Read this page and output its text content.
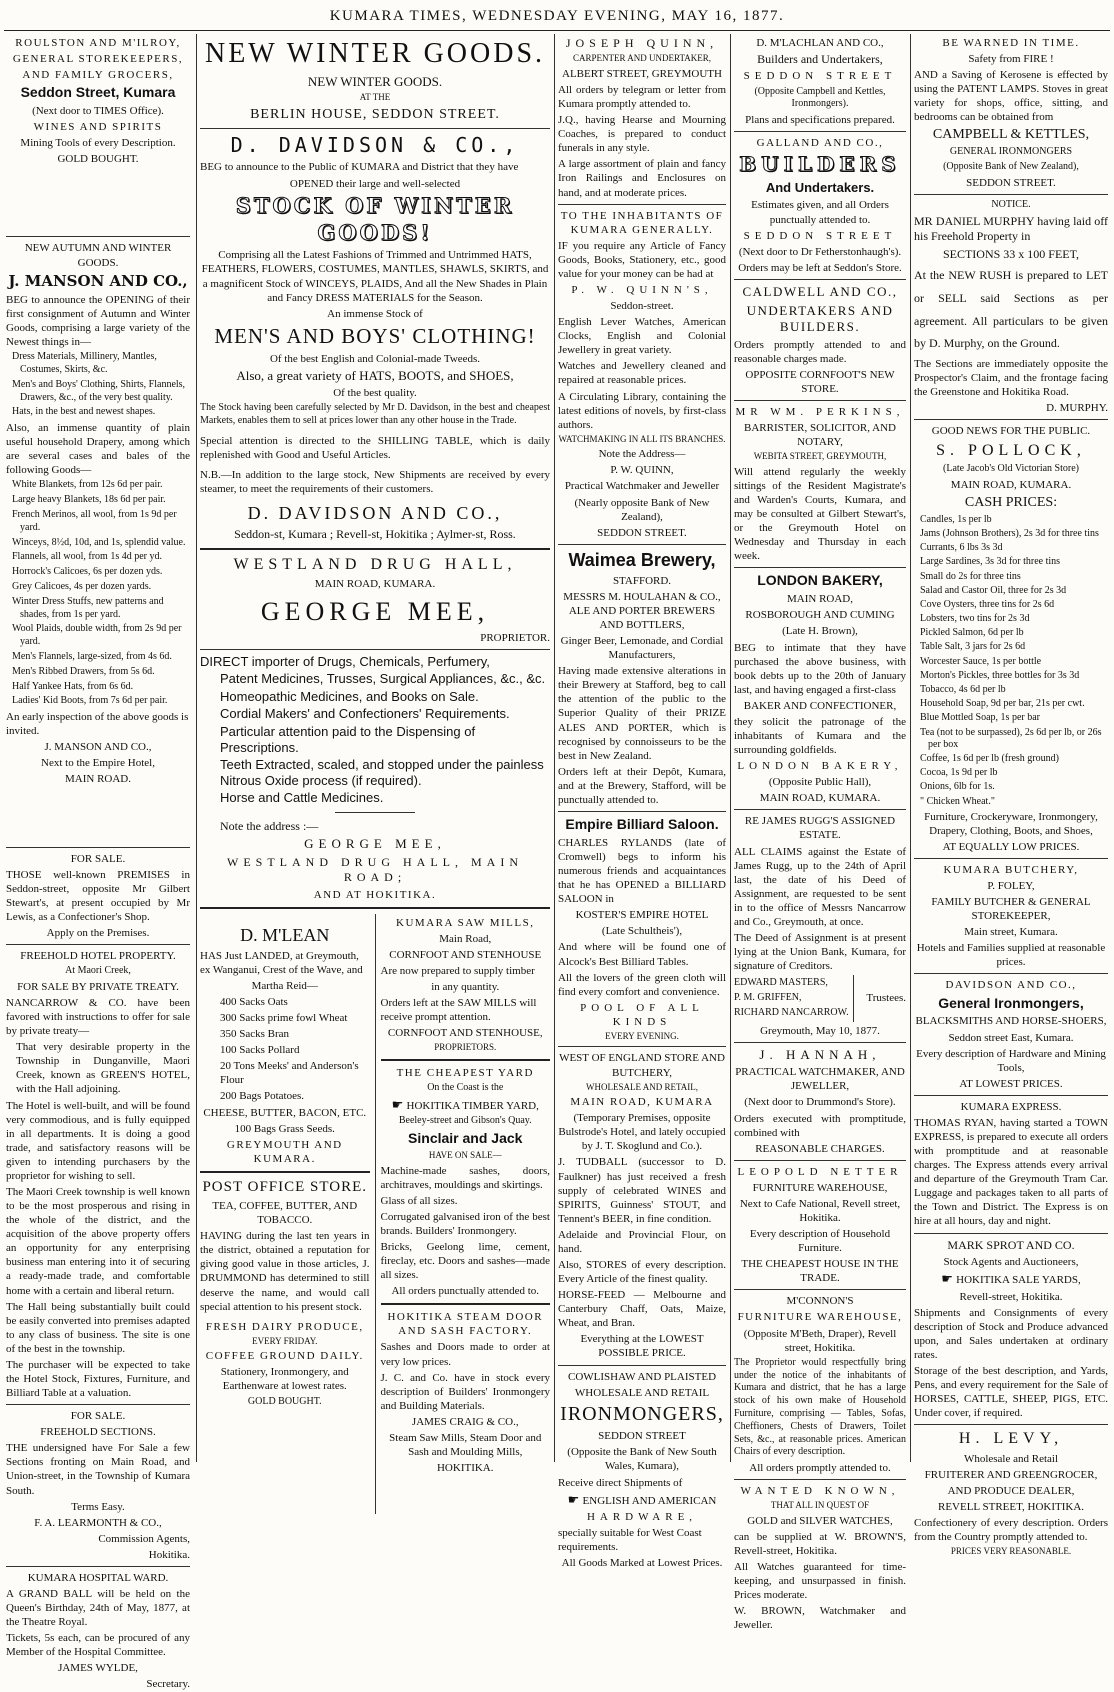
KUMARA TIMES, WEDNESDAY EVENING, MAY 16, 1877.

ROULSTON AND M'ILROY,

GENERAL STOREKEEPERS,

AND FAMILY GROCERS,

Seddon Street, Kumara

(Next door to TIMES Office).

WINES AND SPIRITS

Mining Tools of every Description.

GOLD BOUGHT.

NEW AUTUMN AND WINTER GOODS.

J. MANSON AND CO.,

BEG to announce the OPENING of their first consignment of Autumn and Winter Goods, comprising a large variety of the Newest things in—

Dress Materials, Millinery, Mantles, Costumes, Skirts, &c.

Men's and Boys' Clothing, Shirts, Flannels, Drawers, &c., of the very best quality.

Hats, in the best and newest shapes.

Also, an immense quantity of plain useful household Drapery, among which are several cases and bales of the following Goods—

White Blankets, from 12s 6d per pair.

Large heavy Blankets, 18s 6d per pair.

French Merinos, all wool, from 1s 9d per yard.

Winceys, 8½d, 10d, and 1s, splendid value.

Flannels, all wool, from 1s 4d per yd.

Horrock's Calicoes, 6s per dozen yds.

Grey Calicoes, 4s per dozen yards.

Winter Dress Stuffs, new patterns and shades, from 1s per yard.

Wool Plaids, double width, from 2s 9d per yard.

Men's Flannels, large-sized, from 4s 6d.

Men's Ribbed Drawers, from 5s 6d.

Half Yankee Hats, from 6s 6d.

Ladies' Kid Boots, from 7s 6d per pair.

An early inspection of the above goods is invited.

J. MANSON AND CO.,

Next to the Empire Hotel,

MAIN ROAD.

FOR SALE.

THOSE well-known PREMISES in Seddon-street, opposite Mr Gilbert Stewart's, at present occupied by Mr Lewis, as a Confectioner's Shop.

Apply on the Premises.

FREEHOLD HOTEL PROPERTY.

At Maori Creek,

FOR SALE BY PRIVATE TREATY.

NANCARROW & CO. have been favored with instructions to offer for sale by private treaty—

That very desirable property in the Township in Dunganville, Maori Creek, known as GREEN'S HOTEL, with the Hall adjoining.

The Hotel is well-built, and will be found very commodious, and is fully equipped in all departments. It is doing a good trade, and satisfactory reasons will be given to intending purchasers by the proprietor for wishing to sell.

The Maori Creek township is well known to be the most prosperous and rising in the whole of the district, and the acquisition of the above property offers an opportunity for any enterprising business man entering into it of securing a ready-made trade, and comfortable home with a certain and liberal return.

The Hall being substantially built could be easily converted into premises adapted to any class of business. The site is one of the best in the township.

The purchaser will be expected to take the Hotel Stock, Fixtures, Furniture, and Billiard Table at a valuation.

FOR SALE.

FREEHOLD SECTIONS.

THE undersigned have For Sale a few Sections fronting on Main Road, and Union-street, in the Township of Kumara South.

Terms Easy.

F. A. LEARMONTH & CO.,

Commission Agents,

Hokitika.

KUMARA HOSPITAL WARD.

A GRAND BALL will be held on the Queen's Birthday, 24th of May, 1877, at the Theatre Royal.

Tickets, 5s each, can be procured of any Member of the Hospital Committee.

JAMES WYLDE,

Secretary.

NEW WINTER GOODS.

NEW WINTER GOODS.

AT THE

BERLIN HOUSE, SEDDON STREET.

D. DAVIDSON & CO.,

BEG to announce to the Public of KUMARA and District that they have

OPENED their large and well-selected

STOCK OF WINTER GOODS!

Comprising all the Latest Fashions of Trimmed and Untrimmed HATS, FEATHERS, FLOWERS, COSTUMES, MANTLES, SHAWLS, SKIRTS, and a magnificent Stock of WINCEYS, PLAIDS, And all the New Shades in Plain and Fancy DRESS MATERIALS for the Season.

An immense Stock of

MEN'S AND BOYS' CLOTHING!

Of the best English and Colonial-made Tweeds.

Also, a great variety of HATS, BOOTS, and SHOES,

Of the best quality.

The Stock having been carefully selected by Mr D. Davidson, in the best and cheapest Markets, enables them to sell at prices lower than any other house in the Trade.

Special attention is directed to the SHILLING TABLE, which is daily replenished with Good and Useful Articles.

N.B.—In addition to the large stock, New Shipments are received by every steamer, to meet the requirements of their customers.

D. DAVIDSON AND CO.,

Seddon-st, Kumara ; Revell-st, Hokitika ; Aylmer-st, Ross.

WESTLAND DRUG HALL,

MAIN ROAD, KUMARA.

GEORGE MEE,

PROPRIETOR.

DIRECT importer of Drugs, Chemicals, Perfumery,

Patent Medicines, Trusses, Surgical Appliances, &c., &c.

Homeopathic Medicines, and Books on Sale.

Cordial Makers' and Confectioners' Requirements.

Particular attention paid to the Dispensing of Prescriptions.

Teeth Extracted, scaled, and stopped under the painless Nitrous Oxide process (if required).

Horse and Cattle Medicines.

Note the address :—

GEORGE MEE,

WESTLAND DRUG HALL, MAIN ROAD;

AND AT HOKITIKA.

D. M'LEAN

HAS Just LANDED, at Greymouth, ex Wanganui, Crest of the Wave, and

Martha Reid—

400 Sacks Oats

300 Sacks prime fowl Wheat

350 Sacks Bran

100 Sacks Pollard

20 Tons Meeks' and Anderson's Flour

200 Bags Potatoes.

CHEESE, BUTTER, BACON, ETC.

100 Bags Grass Seeds.

GREYMOUTH AND KUMARA.

POST OFFICE STORE.

TEA, COFFEE, BUTTER, AND TOBACCO.

HAVING during the last ten years in the district, obtained a reputation for giving good value in those articles, J. DRUMMOND has determined to still deserve the name, and would call special attention to his present stock.

FRESH DAIRY PRODUCE,

EVERY FRIDAY.

COFFEE GROUND DAILY.

Stationery, Ironmongery, and Earthenware at lowest rates.

GOLD BOUGHT.

KUMARA SAW MILLS,

Main Road,

CORNFOOT AND STENHOUSE

Are now prepared to supply timber

in any quantity.

Orders left at the SAW MILLS will receive prompt attention.

CORNFOOT AND STENHOUSE,

PROPRIETORS.

THE CHEAPEST YARD

On the Coast is the

☛ HOKITIKA TIMBER YARD,

Beeley-street and Gibson's Quay.

Sinclair and Jack

HAVE ON SALE—

Machine-made sashes, doors, architraves, mouldings and skirtings.

Glass of all sizes.

Corrugated galvanised iron of the best brands. Builders' Ironmongery.

Bricks, Geelong lime, cement, fireclay, etc. Doors and sashes—made all sizes.

All orders punctually attended to.

HOKITIKA STEAM DOOR AND SASH FACTORY.

Sashes and Doors made to order at very low prices.

J. C. and Co. have in stock every description of Builders' Ironmongery and Building Materials.

JAMES CRAIG & CO.,

Steam Saw Mills, Steam Door and Sash and Moulding Mills,

HOKITIKA.

JOSEPH QUINN,

CARPENTER AND UNDERTAKER,

ALBERT STREET, GREYMOUTH

All orders by telegram or letter from Kumara promptly attended to.

J.Q., having Hearse and Mourning Coaches, is prepared to conduct funerals in any style.

A large assortment of plain and fancy Iron Railings and Enclosures on hand, and at moderate prices.

TO THE INHABITANTS OF KUMARA GENERALLY.

IF you require any Article of Fancy Goods, Books, Stationery, etc., good value for your money can be had at

P. W. QUINN'S,

Seddon-street.

English Lever Watches, American Clocks, English and Colonial Jewellery in great variety.

Watches and Jewellery cleaned and repaired at reasonable prices.

A Circulating Library, containing the latest editions of novels, by first-class authors.

WATCHMAKING IN ALL ITS BRANCHES.

Note the Address—

P. W. QUINN,

Practical Watchmaker and Jeweller

(Nearly opposite Bank of New Zealand),

SEDDON STREET.

Waimea Brewery,

STAFFORD.

MESSRS M. HOULAHAN & CO., ALE AND PORTER BREWERS AND BOTTLERS,

Ginger Beer, Lemonade, and Cordial Manufacturers,

Having made extensive alterations in their Brewery at Stafford, beg to call the attention of the public to the Superior Quality of their PRIZE ALES AND PORTER, which is recognised by connoisseurs to be the best in New Zealand.

Orders left at their Depôt, Kumara, and at the Brewery, Stafford, will be punctually attended to.

Empire Billiard Saloon.

CHARLES RYLANDS (late of Cromwell) begs to inform his numerous friends and acquaintances that he has OPENED a BILLIARD SALOON in

KOSTER'S EMPIRE HOTEL

(Late Schultheis'),

And where will be found one of Alcock's Best Billiard Tables.

All the lovers of the green cloth will find every comfort and convenience.

POOL OF ALL KINDS

EVERY EVENING.

WEST OF ENGLAND STORE AND BUTCHERY,

WHOLESALE AND RETAIL,

MAIN ROAD, KUMARA

(Temporary Premises, opposite Bulstrode's Hotel, and lately occupied by J. T. Skoglund and Co.).

J. TUDBALL (successor to D. Faulkner) has just received a fresh supply of celebrated WINES and SPIRITS, Guinness' STOUT, and Tennent's BEER, in fine condition.

Adelaide and Provincial Flour, on hand.

Also, STORES of every description. Every Article of the finest quality.

HORSE-FEED — Melbourne and Canterbury Chaff, Oats, Maize, Wheat, and Bran.

Everything at the LOWEST POSSIBLE PRICE.

COWLISHAW AND PLAISTED

WHOLESALE AND RETAIL

IRONMONGERS,

SEDDON STREET

(Opposite the Bank of New South Wales, Kumara),

Receive direct Shipments of

☛ ENGLISH AND AMERICAN

HARDWARE,

specially suitable for West Coast requirements.

All Goods Marked at Lowest Prices.

D. M'LACHLAN AND CO.,

Builders and Undertakers,

SEDDON STREET

(Opposite Campbell and Kettles, Ironmongers).

Plans and specifications prepared.

GALLAND AND CO.,

BUILDERS

And Undertakers.

Estimates given, and all Orders punctually attended to.

SEDDON STREET

(Next door to Dr Fetherstonhaugh's).

Orders may be left at Seddon's Store.

CALDWELL AND CO.,

UNDERTAKERS AND BUILDERS.

Orders promptly attended to and reasonable charges made.

OPPOSITE CORNFOOT'S NEW STORE.

MR WM. PERKINS,

BARRISTER, SOLICITOR, AND NOTARY,

WEBITA STREET, GREYMOUTH,

Will attend regularly the weekly sittings of the Resident Magistrate's and Warden's Courts, Kumara, and may be consulted at Gilbert Stewart's, or the Greymouth Hotel on Wednesday and Thursday in each week.

LONDON BAKERY,

MAIN ROAD,

ROSBOROUGH AND CUMING

(Late H. Brown),

BEG to intimate that they have purchased the above business, with book debts up to the 20th of January last, and having engaged a first-class

BAKER AND CONFECTIONER,

they solicit the patronage of the inhabitants of Kumara and the surrounding goldfields.

LONDON BAKERY,

(Opposite Public Hall),

MAIN ROAD, KUMARA.

RE JAMES RUGG'S ASSIGNED ESTATE.

ALL CLAIMS against the Estate of James Rugg, up to the 24th of April last, the date of his Deed of Assignment, are requested to be sent in to the office of Messrs Nancarrow and Co., Greymouth, at once.

The Deed of Assignment is at present lying at the Union Bank, Kumara, for signature of Creditors.

EDWARD MASTERS,

P. M. GRIFFEN,

RICHARD NANCARROW.

Trustees.

Greymouth, May 10, 1877.

J. HANNAH,

PRACTICAL WATCHMAKER, AND JEWELLER,

(Next door to Drummond's Store).

Orders executed with promptitude, combined with

REASONABLE CHARGES.

LEOPOLD NETTER

FURNITURE WAREHOUSE,

Next to Cafe National, Revell street, Hokitika.

Every description of Household Furniture.

THE CHEAPEST HOUSE IN THE TRADE.

M'CONNON'S

FURNITURE WAREHOUSE,

(Opposite M'Beth, Draper), Revell street, Hokitika.

The Proprietor would respectfully bring under the notice of the inhabitants of Kumara and district, that he has a large stock of his own make of Household Furniture, comprising — Tables, Sofas, Cheffioners, Chests of Drawers, Toilet Sets, &c., at reasonable prices. American Chairs of every description.

All orders promptly attended to.

WANTED KNOWN,

THAT ALL IN QUEST OF

GOLD and SILVER WATCHES,

can be supplied at W. BROWN'S, Revell-street, Hokitika.

All Watches guaranteed for time-keeping, and unsurpassed in finish. Prices moderate.

W. BROWN, Watchmaker and Jeweller.

BE WARNED IN TIME.

Safety from FIRE !

AND a Saving of Kerosene is effected by using the PATENT LAMPS. Stoves in great variety for shops, office, sitting, and bedrooms can be obtained from

CAMPBELL & KETTLES,

GENERAL IRONMONGERS

(Opposite Bank of New Zealand),

SEDDON STREET.

NOTICE.

MR DANIEL MURPHY having laid off his Freehold Property in

SECTIONS 33 x 100 FEET,

At the NEW RUSH is prepared to LET or SELL said Sections as per agreement. All particulars to be given by D. Murphy, on the Ground.

The Sections are immediately opposite the Prospector's Claim, and the frontage facing the Greenstone and Hokitika Road.

D. MURPHY.

GOOD NEWS FOR THE PUBLIC.

S. POLLOCK,

(Late Jacob's Old Victorian Store)

MAIN ROAD, KUMARA.

CASH PRICES:

Candles, 1s per lb

Jams (Johnson Brothers), 2s 3d for three tins

Currants, 6 lbs 3s 3d

Large Sardines, 3s 3d for three tins

Small do 2s for three tins

Salad and Castor Oil, three for 2s 3d

Cove Oysters, three tins for 2s 6d

Lobsters, two tins for 2s 3d

Pickled Salmon, 6d per lb

Table Salt, 3 jars for 2s 6d

Worcester Sauce, 1s per bottle

Morton's Pickles, three bottles for 3s 3d

Tobacco, 4s 6d per lb

Household Soap, 9d per bar, 21s per cwt.

Blue Mottled Soap, 1s per bar

Tea (not to be surpassed), 2s 6d per lb, or 26s per box

Coffee, 1s 6d per lb (fresh ground)

Cocoa, 1s 9d per lb

Onions, 6lb for 1s.

" Chicken Wheat."

Furniture, Crockeryware, Ironmongery, Drapery, Clothing, Boots, and Shoes,

AT EQUALLY LOW PRICES.

KUMARA BUTCHERY,

P. FOLEY,

FAMILY BUTCHER & GENERAL STOREKEEPER,

Main street, Kumara.

Hotels and Families supplied at reasonable prices.

DAVIDSON AND CO.,

General Ironmongers,

BLACKSMITHS AND HORSE-SHOERS,

Seddon street East, Kumara.

Every description of Hardware and Mining Tools,

AT LOWEST PRICES.

KUMARA EXPRESS.

THOMAS RYAN, having started a TOWN EXPRESS, is prepared to execute all orders with promptitude and at reasonable charges. The Express attends every arrival and departure of the Greymouth Tram Car. Luggage and packages taken to all parts of the Town and District. The Express is on hire at all hours, day and night.

MARK SPROT AND CO.

Stock Agents and Auctioneers,

☛ HOKITIKA SALE YARDS,

Revell-street, Hokitika.

Shipments and Consignments of every description of Stock and Produce advanced upon, and Sales undertaken at ordinary rates.

Storage of the best description, and Yards, Pens, and every requirement for the Sale of HORSES, CATTLE, SHEEP, PIGS, ETC. Under cover, if required.

H. LEVY,

Wholesale and Retail

FRUITERER AND GREENGROCER,

AND PRODUCE DEALER,

REVELL STREET, HOKITIKA.

Confectionery of every description. Orders from the Country promptly attended to.

PRICES VERY REASONABLE.
